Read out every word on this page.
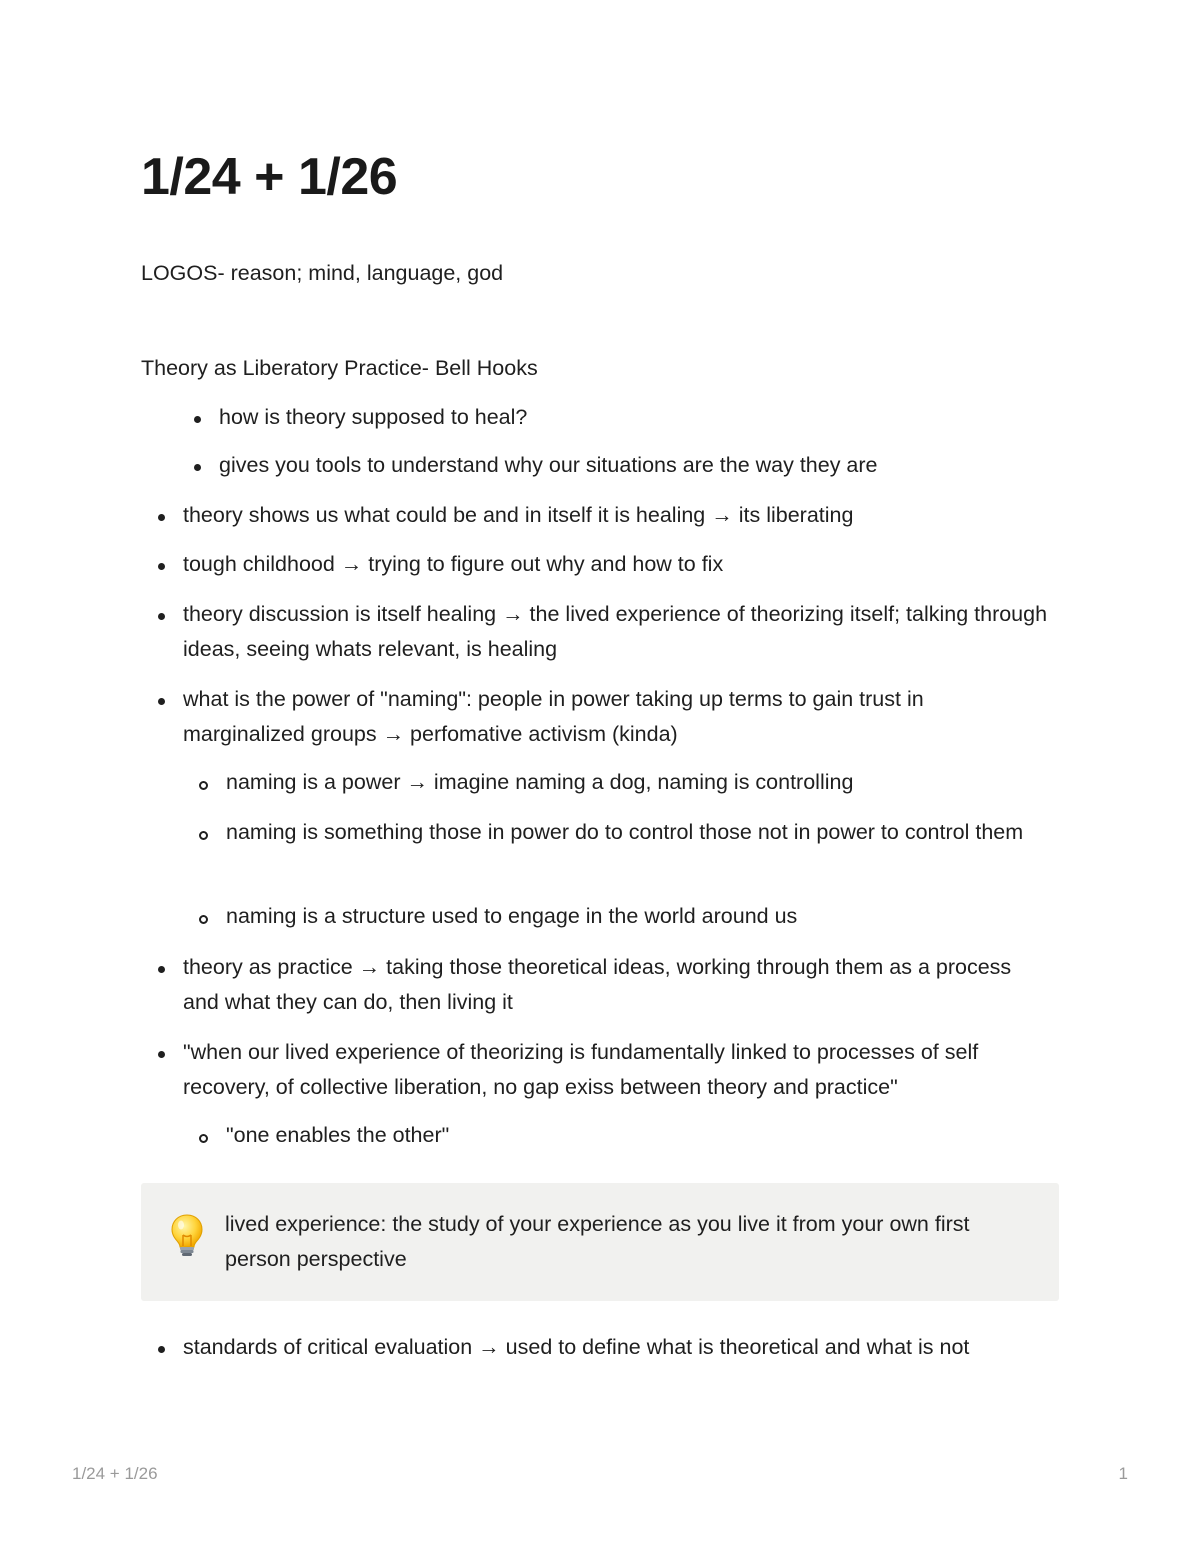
1/24 + 1/26
LOGOS- reason; mind, language, god
Theory as Liberatory Practice- Bell Hooks
how is theory supposed to heal?
gives you tools to understand why our situations are the way they are
theory shows us what could be and in itself it is healing → its liberating
tough childhood → trying to figure out why and how to fix
theory discussion is itself healing → the lived experience of theorizing itself; talking through ideas, seeing whats relevant, is healing
what is the power of "naming": people in power taking up terms to gain trust in marginalized groups → perfomative activism (kinda)
naming is a power → imagine naming a dog, naming is controlling
naming is something those in power do to control those not in power to control them
naming is a structure used to engage in the world around us
theory as practice → taking those theoretical ideas, working through them as a process and what they can do, then living it
"when our lived experience of theorizing is fundamentally linked to processes of self recovery, of collective liberation, no gap exiss between theory and practice"
"one enables the other"
lived experience: the study of your experience as you live it from your own first person perspective
standards of critical evaluation → used to define what is theoretical and what is not
1/24 + 1/26	1
